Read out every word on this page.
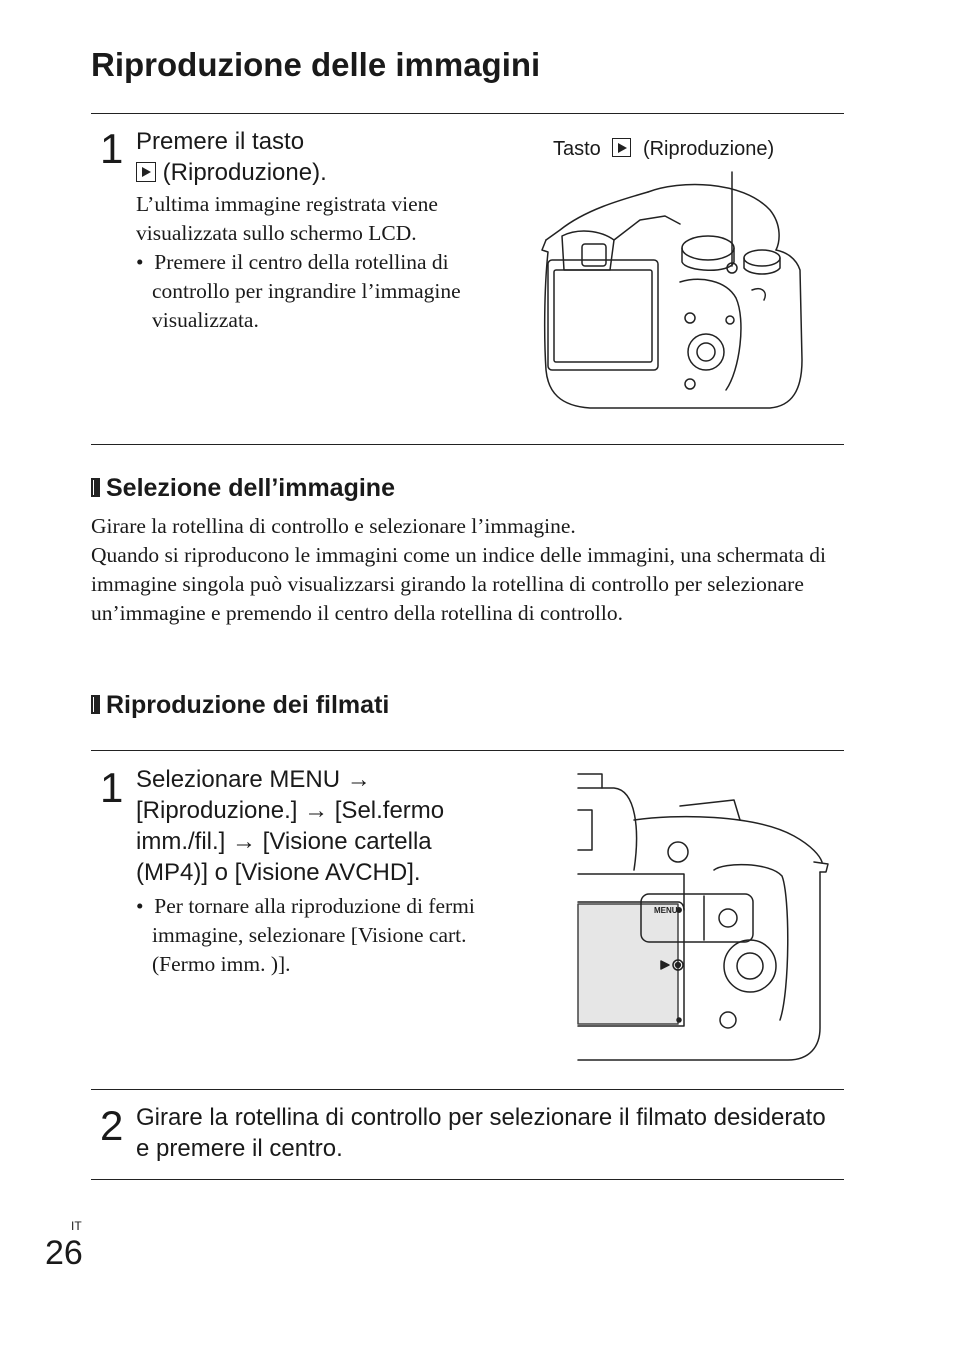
Riproduzione delle immagini
1 Premere il tasto
(Riproduzione).
L’ultima immagine registrata viene
visualizzata sullo schermo LCD.
•  Premere il centro della rotellina di controllo per ingrandire l’immagine visualizzata.
Tasto (Riproduzione)
Selezione dell’immagine
Girare la rotellina di controllo e selezionare l’immagine.
Quando si riproducono le immagini come un indice delle immagini, una schermata di immagine singola può visualizzarsi girando la rotellina di controllo per selezionare un’immagine e premendo il centro della rotellina di controllo.
Riproduzione dei filmati
1 Selezionare MENU → [Riproduzione.] → [Sel.fermo imm./fil.] → [Visione cartella (MP4)] o [Visione AVCHD].
•  Per tornare alla riproduzione di fermi immagine, selezionare [Visione cart. (Fermo imm. )].
MENU
2 Girare la rotellina di controllo per selezionare il filmato desiderato e premere il centro.
IT
26
